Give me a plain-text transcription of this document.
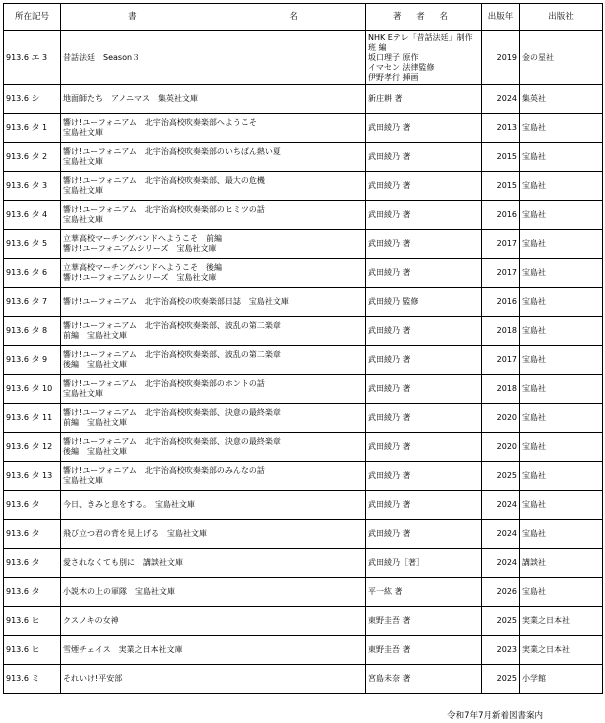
所在記号	書 名	著 者 名	出版年	出版社
913.6 エ 3	昔話法廷　Season３	NHK Eテレ「昔話法廷」制作班 編
坂口理子 原作
イマセン 法律監修
伊野孝行 挿画	2019	金の星社
913.6 シ	地面師たち　アノニマス　集英社文庫	新庄耕 著	2024	集英社
913.6 タ 1	響け!ユーフォニアム　北宇治高校吹奏楽部へようこそ
宝島社文庫	武田綾乃 著	2013	宝島社
913.6 タ 2	響け!ユーフォニアム　北宇治高校吹奏楽部のいちばん熱い夏
宝島社文庫	武田綾乃 著	2015	宝島社
913.6 タ 3	響け!ユーフォニアム　北宇治高校吹奏楽部、最大の危機
宝島社文庫	武田綾乃 著	2015	宝島社
913.6 タ 4	響け!ユーフォニアム　北宇治高校吹奏楽部のヒミツの話
宝島社文庫	武田綾乃 著	2016	宝島社
913.6 タ 5	立華高校マーチングバンドへようこそ　前編
響け!ユーフォニアムシリーズ　宝島社文庫	武田綾乃 著	2017	宝島社
913.6 タ 6	立華高校マーチングバンドへようこそ　後編
響け!ユーフォニアムシリーズ　宝島社文庫	武田綾乃 著	2017	宝島社
913.6 タ 7	響け!ユーフォニアム　北宇治高校の吹奏楽部日誌　宝島社文庫	武田綾乃 監修	2016	宝島社
913.6 タ 8	響け!ユーフォニアム　北宇治高校吹奏楽部、波乱の第二楽章
前編　宝島社文庫	武田綾乃 著	2018	宝島社
913.6 タ 9	響け!ユーフォニアム　北宇治高校吹奏楽部、波乱の第二楽章
後編　宝島社文庫	武田綾乃 著	2017	宝島社
913.6 タ 10	響け!ユーフォニアム　北宇治高校吹奏楽部のホントの話
宝島社文庫	武田綾乃 著	2018	宝島社
913.6 タ 11	響け!ユーフォニアム　北宇治高校吹奏楽部、決意の最終楽章
前編　宝島社文庫	武田綾乃 著	2020	宝島社
913.6 タ 12	響け!ユーフォニアム　北宇治高校吹奏楽部、決意の最終楽章
後編　宝島社文庫	武田綾乃 著	2020	宝島社
913.6 タ 13	響け!ユーフォニアム　北宇治高校吹奏楽部のみんなの話
宝島社文庫	武田綾乃 著	2025	宝島社
913.6 タ	今日、きみと息をする。　宝島社文庫	武田綾乃 著	2024	宝島社
913.6 タ	飛び立つ君の背を見上げる　宝島社文庫	武田綾乃 著	2024	宝島社
913.6 タ	愛されなくても別に　講談社文庫	武田綾乃［著］	2024	講談社
913.6 タ	小説木の上の軍隊　宝島社文庫	平一紘 著	2026	宝島社
913.6 ヒ	クスノキの女神	東野圭吾 著	2025	実業之日本社
913.6 ヒ	雪煙チェイス　実業之日本社文庫	東野圭吾 著	2023	実業之日本社
913.6 ミ	それいけ!平安部	宮島未奈 著	2025	小学館
令和7年7月新着図書案内
